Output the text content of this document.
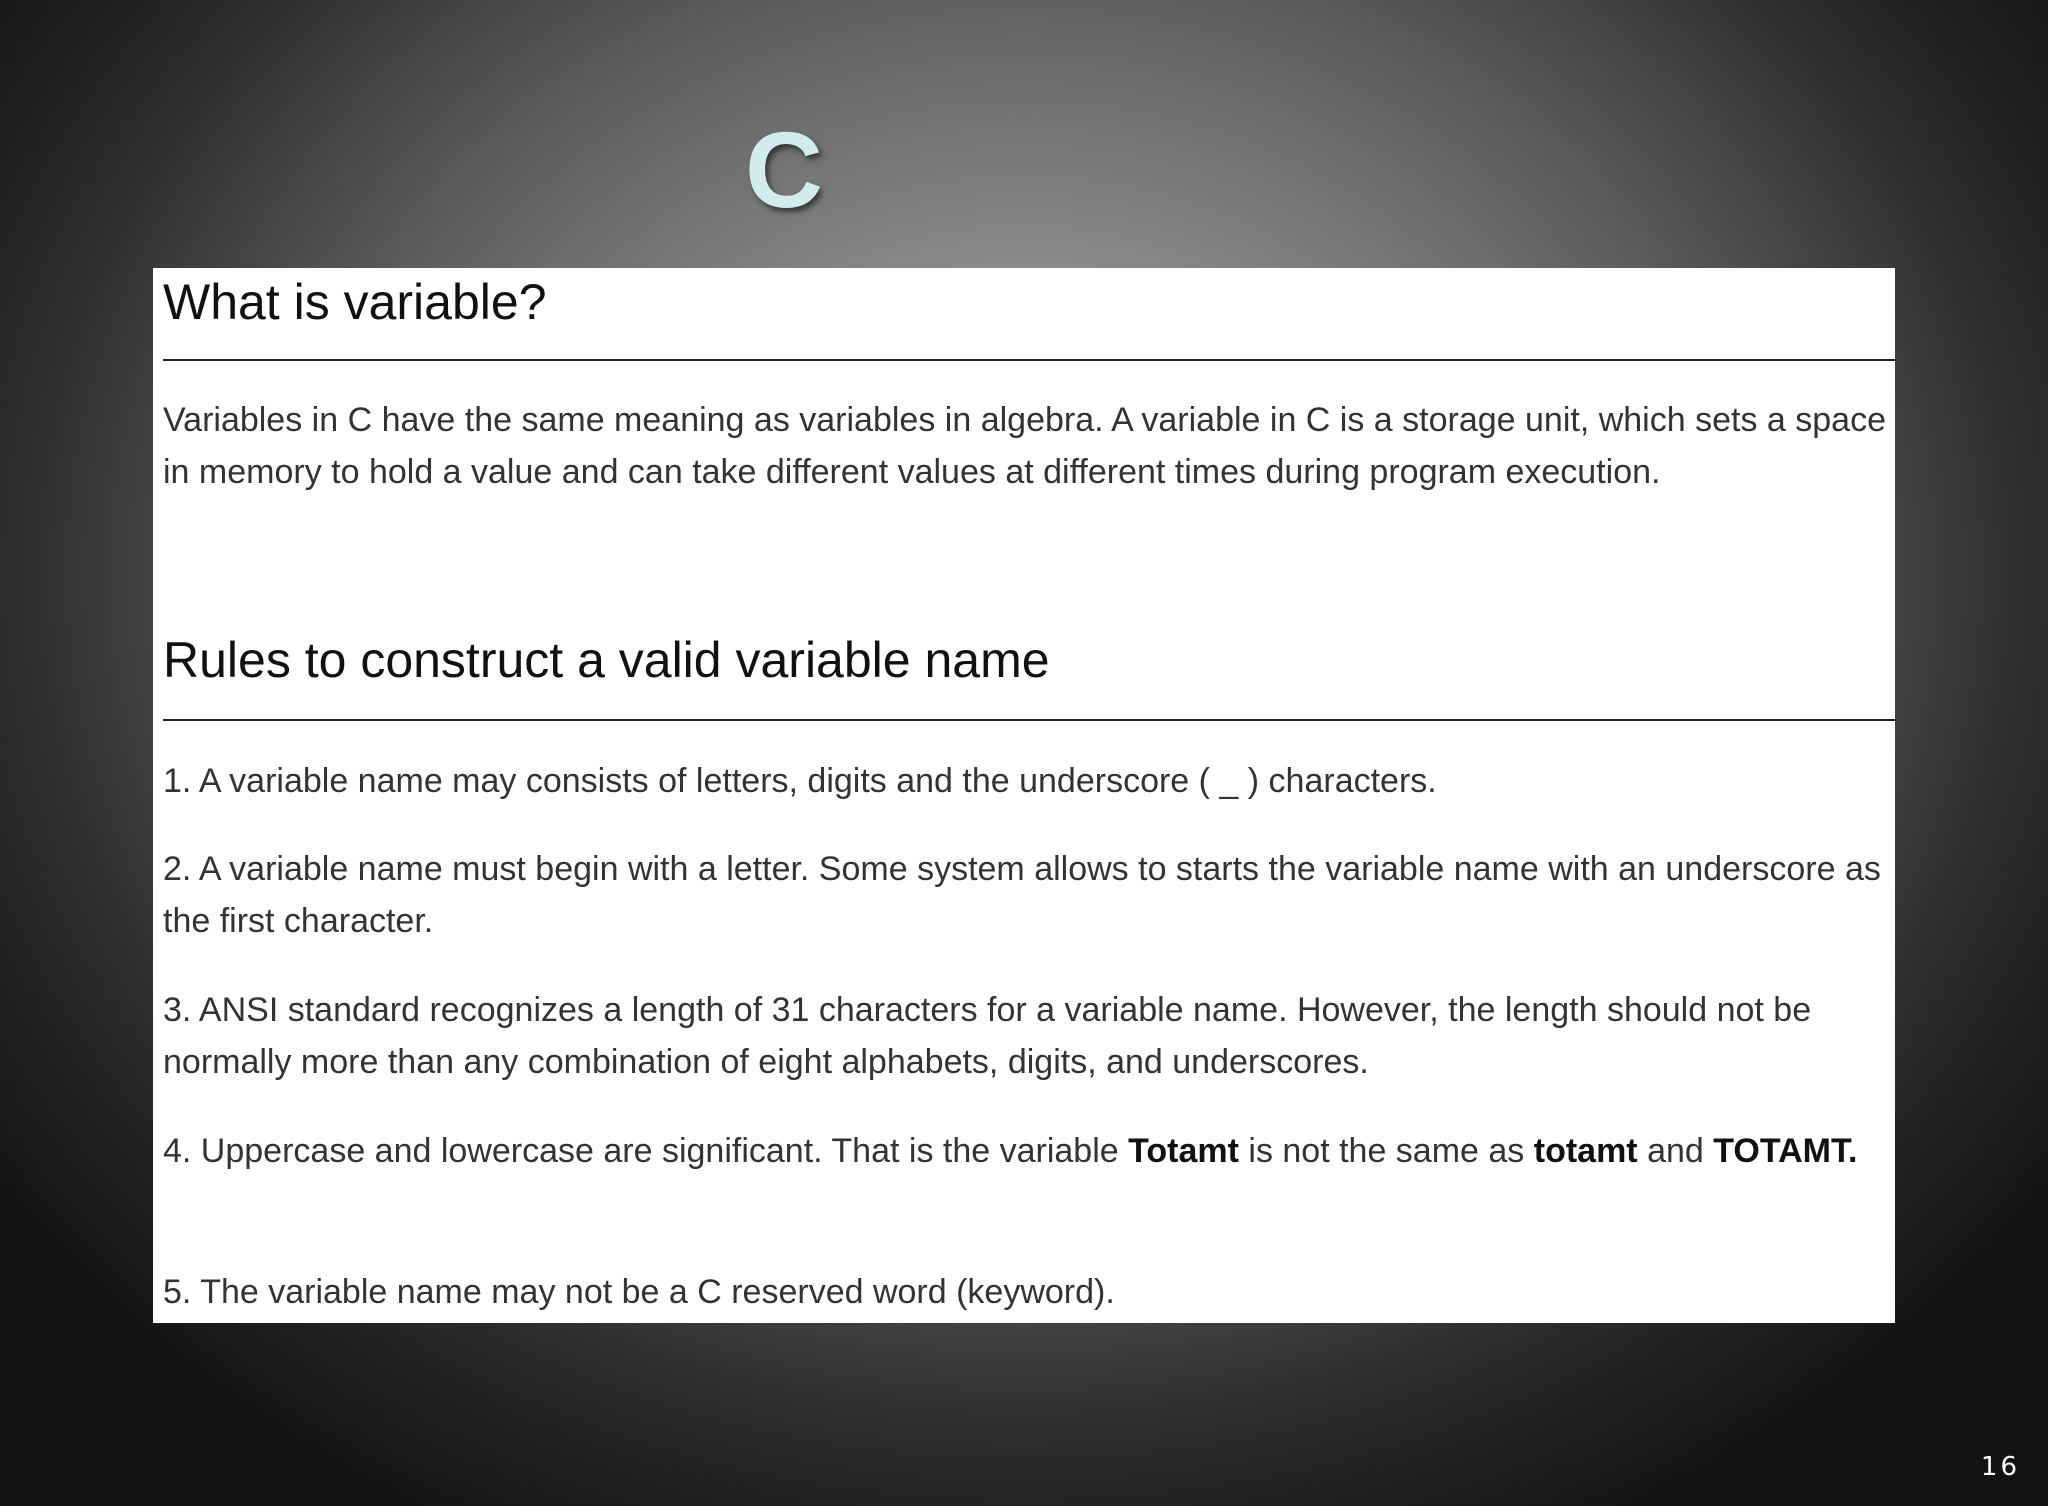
C

What is variable?

Variables in C have the same meaning as variables in algebra. A variable in C is a storage unit, which sets a space in memory to hold a value and can take different values at different times during program execution.

Rules to construct a valid variable name

1. A variable name may consists of letters, digits and the underscore ( _ ) characters.

2. A variable name must begin with a letter. Some system allows to starts the variable name with an underscore as the first character.

3. ANSI standard recognizes a length of 31 characters for a variable name. However, the length should not be normally more than any combination of eight alphabets, digits, and underscores.

4. Uppercase and lowercase are significant. That is the variable Totamt is not the same as totamt and TOTAMT.

5. The variable name may not be a C reserved word (keyword).

16
